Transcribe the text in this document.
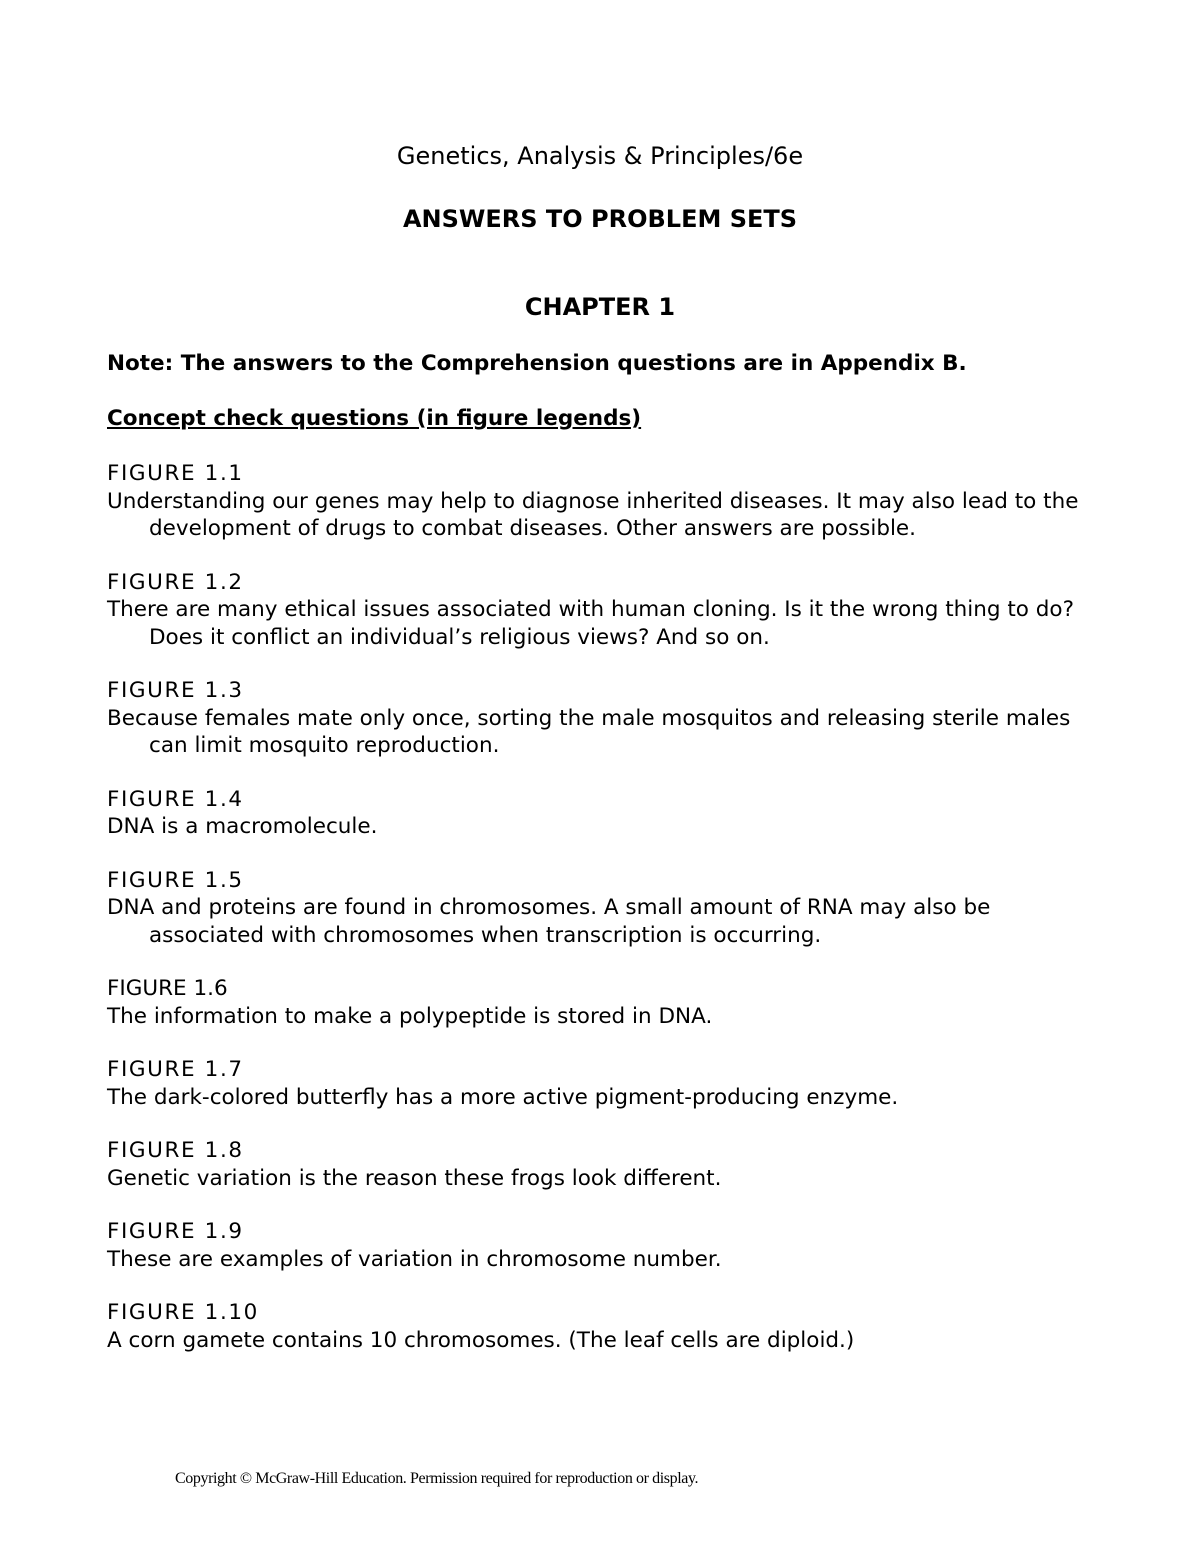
Genetics, Analysis & Principles/6e
ANSWERS TO PROBLEM SETS
CHAPTER 1

Note: The answers to the Comprehension questions are in Appendix B.

Concept check questions (in figure legends)

FIGURE 1.1
Understanding our genes may help to diagnose inherited diseases. It may also lead to the development of drugs to combat diseases. Other answers are possible.
FIGURE 1.2
There are many ethical issues associated with human cloning. Is it the wrong thing to do? Does it conflict an individual’s religious views? And so on.
FIGURE 1.3
Because females mate only once, sorting the male mosquitos and releasing sterile males can limit mosquito reproduction.
FIGURE 1.4
DNA is a macromolecule.
FIGURE 1.5
DNA and proteins are found in chromosomes. A small amount of RNA may also be associated with chromosomes when transcription is occurring.
FIGURE 1.6
The information to make a polypeptide is stored in DNA.
FIGURE 1.7
The dark-colored butterfly has a more active pigment-producing enzyme.
FIGURE 1.8
Genetic variation is the reason these frogs look different.
FIGURE 1.9
These are examples of variation in chromosome number.
FIGURE 1.10
A corn gamete contains 10 chromosomes. (The leaf cells are diploid.)
Copyright © McGraw-Hill Education. Permission required for reproduction or display.
